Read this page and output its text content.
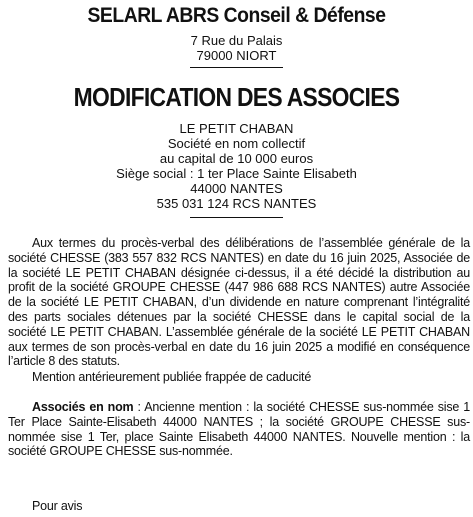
SELARL ABRS Conseil & Défense
7 Rue du Palais
79000 NIORT
MODIFICATION DES ASSOCIES
LE PETIT CHABAN
Société en nom collectif
au capital de 10 000 euros
Siège social : 1 ter Place Sainte Elisabeth
44000 NANTES
535 031 124 RCS NANTES
Aux termes du procès-verbal des délibérations de l’assemblée générale de la société CHESSE (383 557 832 RCS NANTES) en date du 16 juin 2025, Associée de la société LE PETIT CHABAN désignée ci-dessus, il a été décidé la distribution au profit de la société GROUPE CHESSE (447 986 688 RCS NANTES) autre Associée de la société LE PETIT CHABAN, d’un dividende en nature comprenant l’intégralité des parts sociales détenues par la société CHESSE dans le capital social de la société LE PETIT CHABAN. L’assemblée générale de la société LE PETIT CHABAN aux termes de son procès-verbal en date du 16 juin 2025 a modifié en conséquence l’article 8 des statuts.
Mention antérieurement publiée frappée de caducité
Associés en nom : Ancienne mention : la société CHESSE sus-nommée sise 1 Ter Place Sainte-Elisabeth 44000 NANTES ; la société GROUPE CHESSE sus-nommée sise 1 Ter, place Sainte Elisabeth 44000 NANTES. Nouvelle mention : la société GROUPE CHESSE sus-nommée.
Pour avis
